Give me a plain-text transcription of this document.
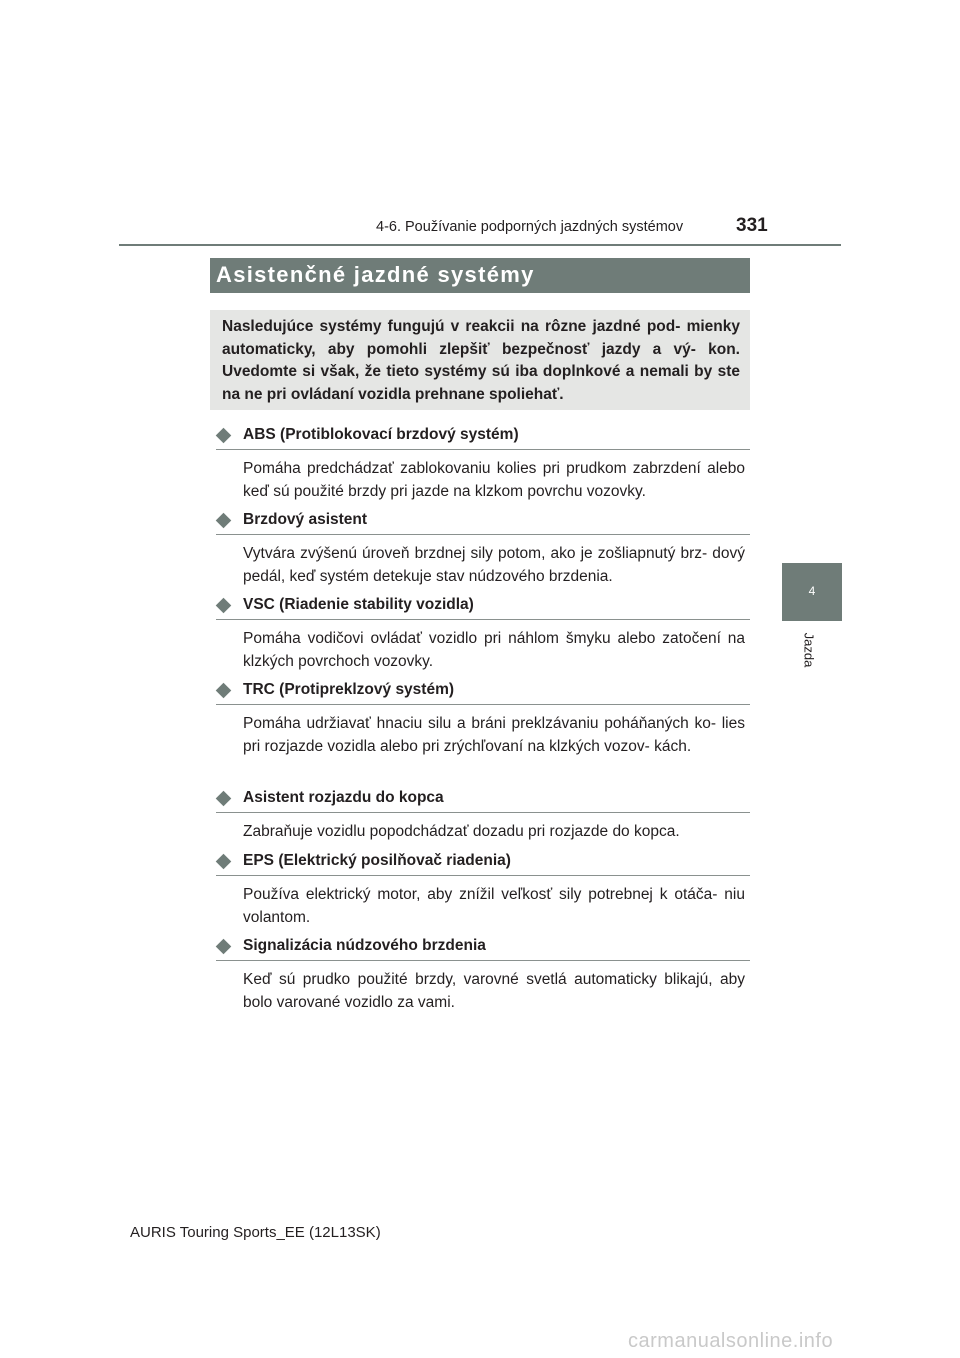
4-6. Používanie podporných jazdných systémov	331
4
Jazda
Asistenčné jazdné systémy
Nasledujúce systémy fungujú v reakcii na rôzne jazdné pod- mienky automaticky, aby pomohli zlepšiť bezpečnosť jazdy a vý- kon. Uvedomte si však, že tieto systémy sú iba doplnkové a nemali by ste na ne pri ovládaní vozidla prehnane spoliehať.
ABS (Protiblokovací brzdový systém)
Pomáha predchádzať zablokovaniu kolies pri prudkom zabrzdení alebo keď sú použité brzdy pri jazde na klzkom povrchu vozovky.
Brzdový asistent
Vytvára zvýšenú úroveň brzdnej sily potom, ako je zošliapnutý brz- dový pedál, keď systém detekuje stav núdzového brzdenia.
VSC (Riadenie stability vozidla)
Pomáha vodičovi ovládať vozidlo pri náhlom šmyku alebo zatočení na klzkých povrchoch vozovky.
TRC (Protipreklzový systém)
Pomáha udržiavať hnaciu silu a bráni preklzávaniu poháňaných ko- lies pri rozjazde vozidla alebo pri zrýchľovaní na klzkých vozov- kách.
Asistent rozjazdu do kopca
Zabraňuje vozidlu popodchádzať dozadu pri rozjazde do kopca.
EPS (Elektrický posilňovač riadenia)
Používa elektrický motor, aby znížil veľkosť sily potrebnej k otáča- niu volantom.
Signalizácia núdzového brzdenia
Keď sú prudko použité brzdy, varovné svetlá automaticky blikajú, aby bolo varované vozidlo za vami.
AURIS Touring Sports_EE (12L13SK)
carmanualsonline.info
